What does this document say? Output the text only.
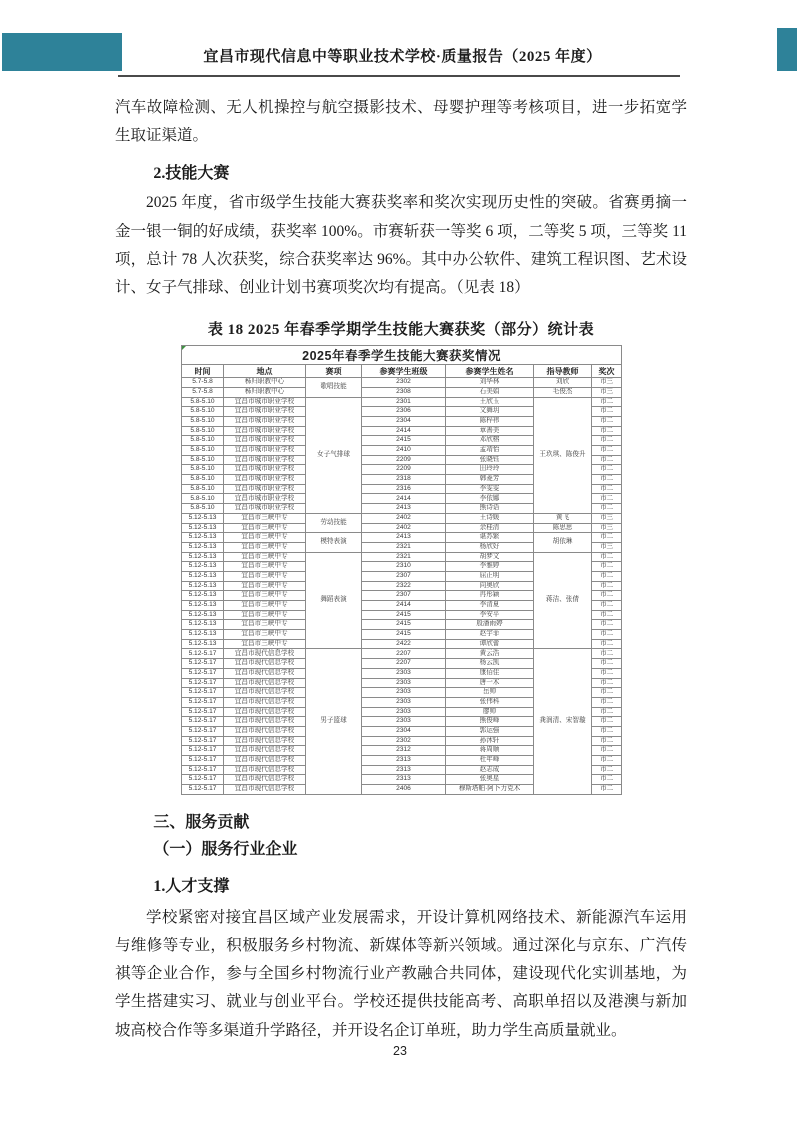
宜昌市现代信息中等职业技术学校·质量报告（2025 年度）

汽车故障检测、无人机操控与航空摄影技术、母婴护理等考核项目，进一步拓宽学生取证渠道。

2.技能大赛

2025 年度，省市级学生技能大赛获奖率和奖次实现历史性的突破。省赛勇摘一金一银一铜的好成绩，获奖率 100%。市赛斩获一等奖 6 项，二等奖 5 项，三等奖 11 项，总计 78 人次获奖，综合获奖率达 96%。其中办公软件、建筑工程识图、艺术设计、女子气排球、创业计划书赛项奖次均有提高。（见表 18）

表 18 2025 年春季学期学生技能大赛获奖（部分）统计表
2025年春季学生技能大赛获奖情况						
时间	地点	赛项	参赛学生班级	参赛学生姓名	指导教师	奖次
5.7-5.8	秭归职教中心	歌唱技能	2302	刘华林	刘欣	市三
5.7-5.8	秭归职教中心		2308	石美娟	毛俊杰	市三
5.8-5.10	宜昌市城市职业学校	女子气排球	2301	王欣玉	王玖琪、陈俊升	市二
5.8-5.10	宜昌市城市职业学校		2306	文舞玥		市二
5.8-5.10	宜昌市城市职业学校		2304	陈梓祎		市二
5.8-5.10	宜昌市城市职业学校		2414	章善美		市二
5.8-5.10	宜昌市城市职业学校		2415	邓欣榕		市二
5.8-5.10	宜昌市城市职业学校		2410	孟靖怡		市二
5.8-5.10	宜昌市城市职业学校		2209	张晓钰		市二
5.8-5.10	宜昌市城市职业学校		2209	田玲玲		市二
5.8-5.10	宜昌市城市职业学校		2318	韩菱芳		市二
5.8-5.10	宜昌市城市职业学校		2316	李雯雯		市二
5.8-5.10	宜昌市城市职业学校		2414	李依娜		市二
5.8-5.10	宜昌市城市职业学校		2413	熊诗语		市二
5.12-5.13	宜昌市三峡中专	劳动技能	2402	王诗媛	黄飞	市三
5.12-5.13	宜昌市三峡中专		2402	余桂清	陈思思	市三
5.12-5.13	宜昌市三峡中专	模特表演	2413	谌苏繁	胡依琳	市二
5.12-5.13	宜昌市三峡中专		2321	杨欣好		市三
5.12-5.13	宜昌市三峡中专	舞蹈表演	2321	胡梦文	蒋洁、张倩	市二
5.12-5.13	宜昌市三峡中专		2310	李雅婷		市二
5.12-5.13	宜昌市三峡中专		2307	屈正明		市二
5.12-5.13	宜昌市三峡中专		2322	向奥欣		市二
5.12-5.13	宜昌市三峡中专		2307	冉彤颖		市二
5.12-5.13	宜昌市三峡中专		2414	李清夏		市二
5.12-5.13	宜昌市三峡中专		2415	李安平		市二
5.12-5.13	宜昌市三峡中专		2415	殷潘雨婷		市二
5.12-5.13	宜昌市三峡中专		2415	赵宇菲		市二
5.12-5.13	宜昌市三峡中专		2422	谭欣蕾		市二
5.12-5.17	宜昌市现代信息学校	男子篮球	2207	黄云浩	龚润清、宋智璇	市二
5.12-5.17	宜昌市现代信息学校		2207	杨云凯		市二
5.12-5.17	宜昌市现代信息学校		2303	康佰佳		市二
5.12-5.17	宜昌市现代信息学校		2303	唐一木		市二
5.12-5.17	宜昌市现代信息学校		2303	岳帅		市二
5.12-5.17	宜昌市现代信息学校		2303	张伟科		市二
5.12-5.17	宜昌市现代信息学校		2303	廖帅		市二
5.12-5.17	宜昌市现代信息学校		2303	熊俊峰		市二
5.12-5.17	宜昌市现代信息学校		2304	郭运强		市二
5.12-5.17	宜昌市现代信息学校		2302	孙沐轩		市二
5.12-5.17	宜昌市现代信息学校		2312	蒋周顺		市二
5.12-5.17	宜昌市现代信息学校		2313	杜年峰		市二
5.12-5.17	宜昌市现代信息学校		2313	赵志成		市二
5.12-5.17	宜昌市现代信息学校		2313	张奥星		市二
5.12-5.17	宜昌市现代信息学校		2406	穆斯塔帕·阿卜力克木		市二
三、服务贡献
（一）服务行业企业
1.人才支撑

学校紧密对接宜昌区域产业发展需求，开设计算机网络技术、新能源汽车运用与维修等专业，积极服务乡村物流、新媒体等新兴领域。通过深化与京东、广汽传祺等企业合作，参与全国乡村物流行业产教融合共同体，建设现代化实训基地，为学生搭建实习、就业与创业平台。学校还提供技能高考、高职单招以及港澳与新加坡高校合作等多渠道升学路径，并开设名企订单班，助力学生高质量就业。

23
